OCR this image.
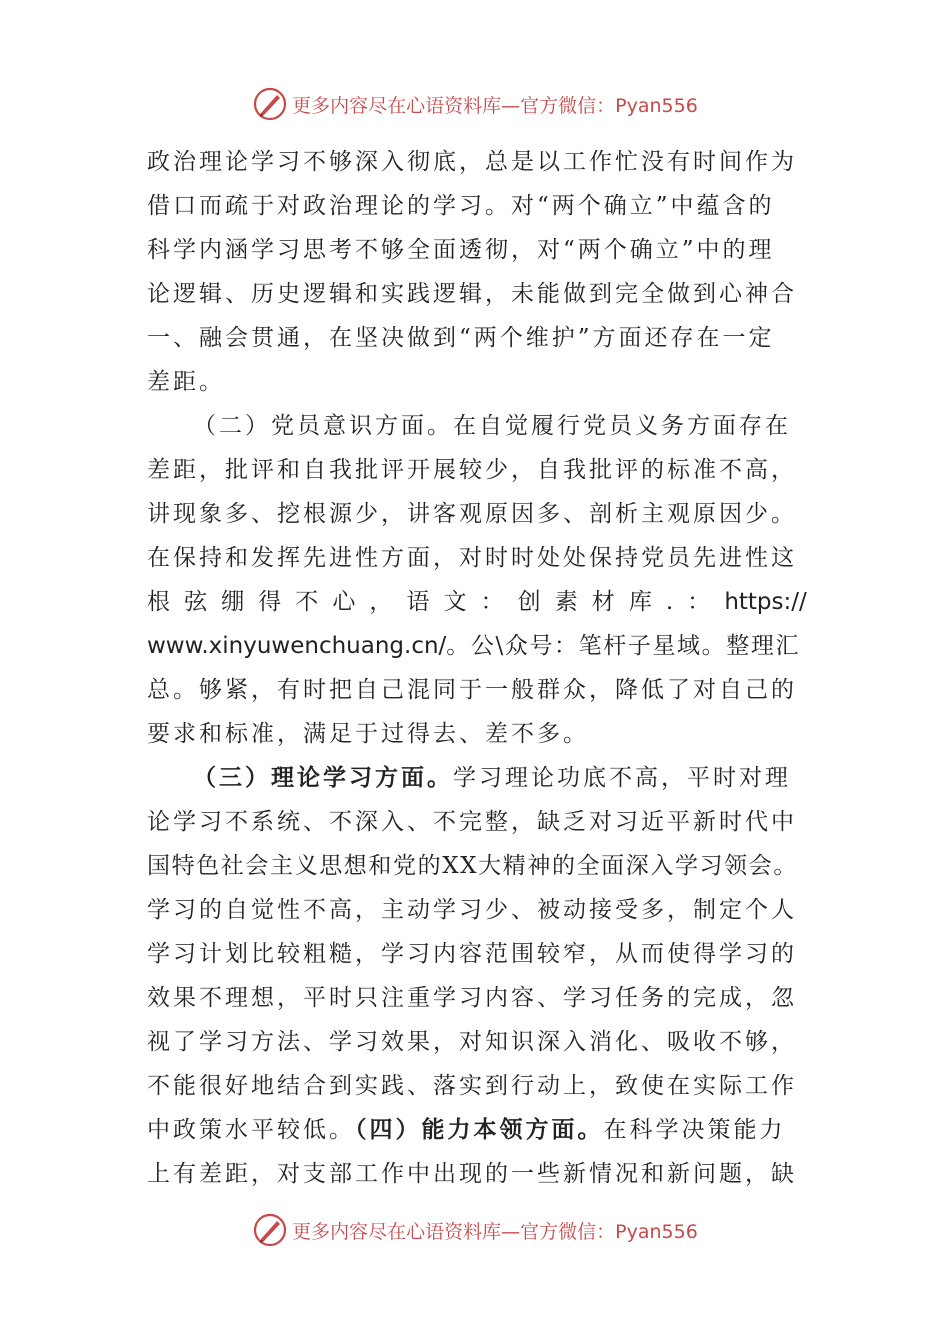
更多内容尽在心语资料库—官方微信：Pyan556
政治理论学习不够深入彻底，总是以工作忙没有时间作为
借口而疏于对政治理论的学习。对“两个确立”中蕴含的
科学内涵学习思考不够全面透彻，对“两个确立”中的理
论逻辑、历史逻辑和实践逻辑，未能做到完全做到心神合
一、融会贯通，在坚决做到“两个维护”方面还存在一定
差距。
（二）党员意识方面。在自觉履行党员义务方面存在
差距，批评和自我批评开展较少，自我批评的标准不高，
讲现象多、挖根源少，讲客观原因多、剖析主观原因少。
在保持和发挥先进性方面，对时时处处保持党员先进性这
根 弦 绷 得 不 心 ， 语 文 ： 创 素 材 库 . ： https://
www.xinyuwenchuang.cn/。公\众号：笔杆子星域。整理汇
总。够紧，有时把自己混同于一般群众，降低了对自己的
要求和标准，满足于过得去、差不多。
（三）理论学习方面。学习理论功底不高，平时对理
论学习不系统、不深入、不完整，缺乏对习近平新时代中
国特色社会主义思想和党的XX大精神的全面深入学习领会。
学习的自觉性不高，主动学习少、被动接受多，制定个人
学习计划比较粗糙，学习内容范围较窄，从而使得学习的
效果不理想，平时只注重学习内容、学习任务的完成，忽
视了学习方法、学习效果，对知识深入消化、吸收不够，
不能很好地结合到实践、落实到行动上，致使在实际工作
中政策水平较低。（四）能力本领方面。在科学决策能力
上有差距，对支部工作中出现的一些新情况和新问题，缺
更多内容尽在心语资料库—官方微信：Pyan556
